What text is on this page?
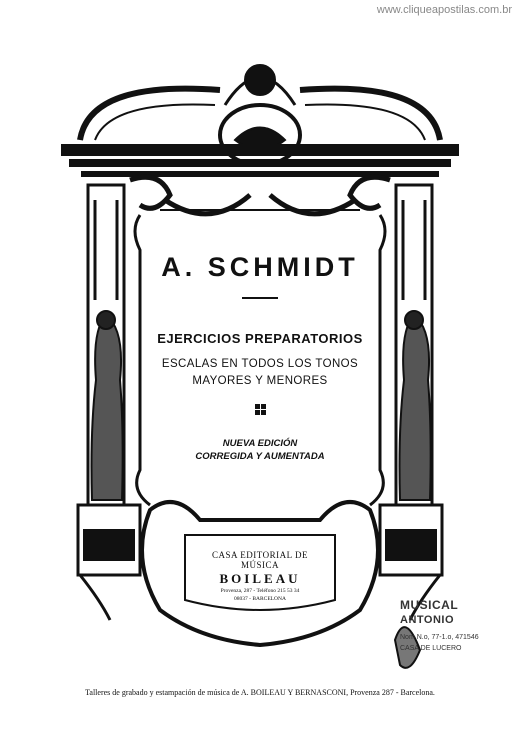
www.cliqueapostilas.com.br
A. SCHMIDT
EJERCICIOS PREPARATORIOS
ESCALAS EN TODOS LOS TONOS
MAYORES Y MENORES
NUEVA EDICIÓN
CORREGIDA Y AUMENTADA
CASA EDITORIAL DE MÚSICA
BOILEAU
Provenza, 287 - Teléfono 215 53 34
08037 - BARCELONA	MUSICAL
ANTONIO
Nom N.o, 77-1.o, 471546
CASA DE LUCERO
Talleres de grabado y estampación de música de A. BOILEAU Y BERNASCONI, Provenza 287 - Barcelona.
